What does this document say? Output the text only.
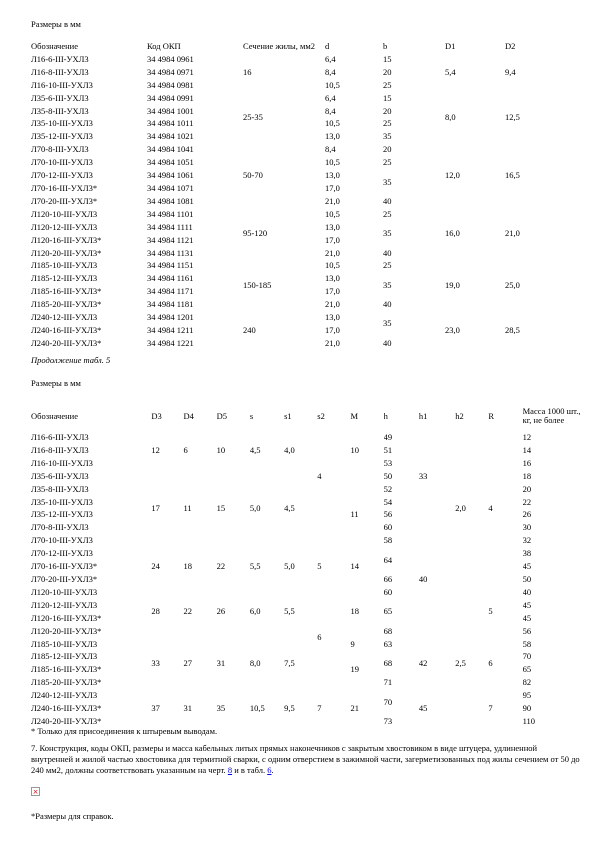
Размеры в мм
Обозначение	Код ОКП	Сечение жилы, мм2	d	b	D1	D2
Л16-6-III-УХЛ3	34 4984 0961	16	6,4	15	5,4	9,4
Л16-8-III-УХЛ3	34 4984 0971		8,4	20		
Л16-10-III-УХЛ3	34 4984 0981		10,5	25		
Л35-6-III-УХЛ3	34 4984 0991	25-35	6,4	15	8,0	12,5
Л35-8-III-УХЛ3	34 4984 1001		8,4	20		
Л35-10-III-УХЛ3	34 4984 1011		10,5	25		
Л35-12-III-УХЛ3	34 4984 1021		13,0	35		
Л70-8-III-УХЛ3	34 4984 1041	50-70	8,4	20	12,0	16,5
Л70-10-III-УХЛ3	34 4984 1051		10,5	25		
Л70-12-III-УХЛ3	34 4984 1061		13,0	35		
Л70-16-III-УХЛ3*	34 4984 1071		17,0			
Л70-20-III-УХЛ3*	34 4984 1081		21,0	40		
Л120-10-III-УХЛ3	34 4984 1101	95-120	10,5	25	16,0	21,0
Л120-12-III-УХЛ3	34 4984 1111		13,0	35		
Л120-16-III-УХЛ3*	34 4984 1121		17,0			
Л120-20-III-УХЛ3*	34 4984 1131		21,0	40		
Л185-10-III-УХЛ3	34 4984 1151	150-185	10,5	25	19,0	25,0
Л185-12-III-УХЛ3	34 4984 1161		13,0	35		
Л185-16-III-УХЛ3*	34 4984 1171		17,0			
Л185-20-III-УХЛ3*	34 4984 1181		21,0	40		
Л240-12-III-УХЛ3	34 4984 1201	240	13,0	35	23,0	28,5
Л240-16-III-УХЛ3*	34 4984 1211		17,0			
Л240-20-III-УХЛ3*	34 4984 1221		21,0	40		
Продолжение табл. 5
Размеры в мм
Обозначение	D3	D4	D5	s	s1	s2	M	h	h1	h2	R	Масса 1000 шт., кг, не более
Л16-6-III-УХЛ3	12	6	10	4,5	4,0		10	49				12
Л16-8-III-УХЛ3								51				14
Л16-10-III-УХЛ3								53				16
Л35-6-III-УХЛ3	17	11	15	5,0	4,5	4		50	33			18
Л35-8-III-УХЛ3							11	52		2,0	4	20
Л35-10-III-УХЛ3								54				22
Л35-12-III-УХЛ3								56				26
Л70-8-III-УХЛ3								60				30
Л70-10-III-УХЛ3								58				32
Л70-12-III-УХЛ3	24	18	22	5,5	5,0	5	14	64				38
Л70-16-III-УХЛ3*												45
Л70-20-III-УХЛ3*								66	40			50
Л120-10-III-УХЛ3	28	22	26	6,0	5,5		18	60				40
Л120-12-III-УХЛ3								65			5	45
Л120-16-III-УХЛ3*												45
Л120-20-III-УХЛ3*						6		68				56
Л185-10-III-УХЛ3	33	27	31	8,0	7,5		9	63		2,5		58
Л185-12-III-УХЛ3							19	68	42		6	70
Л185-16-III-УХЛ3*												65
Л185-20-III-УХЛ3*								71				82
Л240-12-III-УХЛ3	37	31	35	10,5	9,5	7	21	70				95
Л240-16-III-УХЛ3*									45		7	90
Л240-20-III-УХЛ3*								73				110
* Только для присоединения к штыревым выводам.
7. Конструкция, коды ОКП, размеры и масса кабельных литых прямых наконечников с закрытым хвостовиком в виде штуцера, удлиненной внутренней и жилой частью хвостовика для термитной сварки, с одним отверстием в зажимной части, загерметизованных под жилы сечением от 50 до 240 мм2, должны соответствовать указанным на черт. 8 и в табл. 6.
×
*Размеры для справок.
